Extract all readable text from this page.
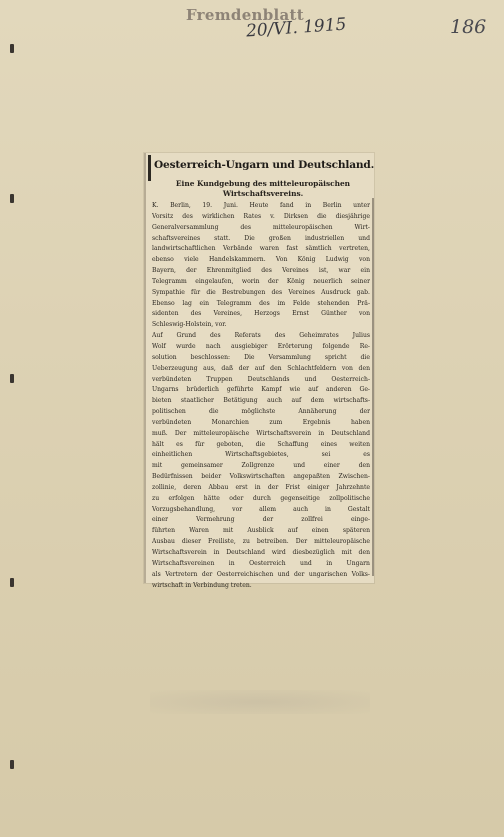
Fremdenblatt
20/VI. 1915	186
Oesterreich-Ungarn und Deutschland.
Eine Kundgebung des mitteleuropäischen
Wirtschaftsvereins.
K. Berlin, 19. Juni. Heute fand in Berlin unter
Vorsitz des wirklichen Rates v. Dirksen die diesjährige
Generalversammlung des mitteleuropäischen Wirt-
schaftsvereines statt. Die großen industriellen und
landwirtschaftlichen Verbände waren fast sämtlich vertreten,
ebenso viele Handelskammern. Von König Ludwig von
Bayern, der Ehrenmitglied des Vereines ist, war ein
Telegramm eingelaufen, worin der König neuerlich seiner
Sympathie für die Bestrebungen des Vereines Ausdruck gab.
Ebenso lag ein Telegramm des im Felde stehenden Prä-
sidenten des Vereines, Herzogs Ernst Günther von
Schleswig-Holstein, vor.
Auf Grund des Referats des Geheimrates Julius
Wolf wurde nach ausgiebiger Erörterung folgende Re-
solution beschlossen: Die Versammlung spricht die
Ueberzeugung aus, daß der auf den Schlachtfeldern von den
verbündeten Truppen Deutschlands und Oesterreich-
Ungarns brüderlich geführte Kampf wie auf anderen Ge-
bieten staatlicher Betätigung auch auf dem wirtschafts-
politischen die möglichste Annäherung der
verbündeten Monarchien zum Ergebnis haben
muß. Der mitteleuropäische Wirtschaftsverein in Deutschland
hält es für geboten, die Schaffung eines weiten
einheitlichen Wirtschaftsgebietes, sei es
mit gemeinsamer Zollgrenze und einer den
Bedürfnissen beider Volkswirtschaften angepaßten Zwischen-
zollinie, deren Abbau erst in der Frist einiger Jahrzehnte
zu erfolgen hätte oder durch gegenseitige zollpolitische
Vorzugsbehandlung, vor allem auch in Gestalt
einer Vermehrung der zollfrei einge-
führten Waren mit Ausblick auf einen späteren
Ausbau dieser Freiliste, zu betreiben. Der mitteleuropäische
Wirtschaftsverein in Deutschland wird diesbezüglich mit den
Wirtschaftsvereinen in Oesterreich und in Ungarn
als Vertretern der Oesterreichischen und der ungarischen Volks-
wirtschaft in Verbindung treten.
